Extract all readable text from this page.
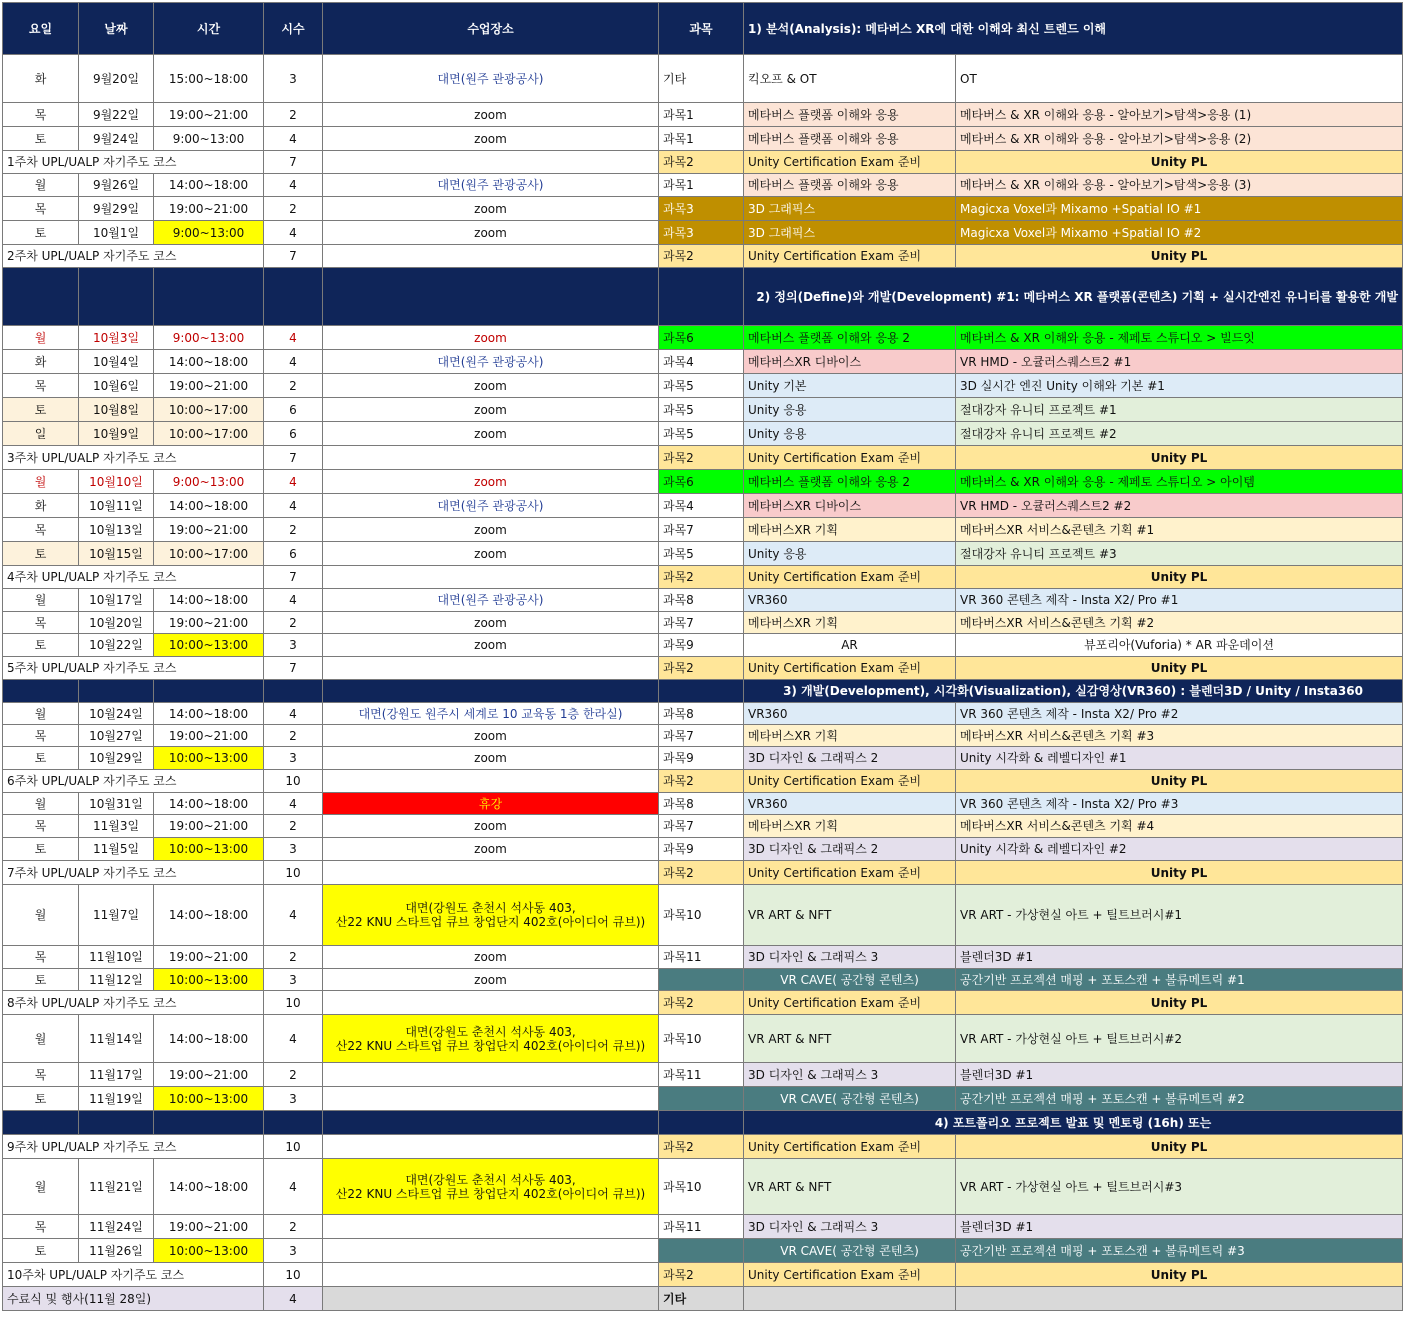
요일	날짜	시간	시수	수업장소	과목	1) 분석(Analysis): 메타버스 XR에 대한 이해와 최신 트렌드 이해	
화	9월20일	15:00~18:00	3	대면(원주 관광공사)	기타	킥오프 & OT	OT
목	9월22일	19:00~21:00	2	zoom	과목1	메타버스 플랫폼 이해와 응용	메타버스 & XR 이해와 응용 - 알아보기>탐색>응용 (1)
토	9월24일	9:00~13:00	4	zoom	과목1	메타버스 플랫폼 이해와 응용	메타버스 & XR 이해와 응용 - 알아보기>탐색>응용 (2)
1주차 UPL/UALP 자기주도 코스			7		과목2	Unity Certification Exam 준비	Unity PL
월	9월26일	14:00~18:00	4	대면(원주 관광공사)	과목1	메타버스 플랫폼 이해와 응용	메타버스 & XR 이해와 응용 - 알아보기>탐색>응용 (3)
목	9월29일	19:00~21:00	2	zoom	과목3	3D 그래픽스	Magicxa Voxel과 Mixamo +Spatial IO #1
토	10월1일	9:00~13:00	4	zoom	과목3	3D 그래픽스	Magicxa Voxel과 Mixamo +Spatial IO #2
2주차 UPL/UALP 자기주도 코스			7		과목2	Unity Certification Exam 준비	Unity PL
						2) 정의(Define)와 개발(Development) #1: 메타버스 XR 플랫폼(콘텐츠) 기획 + 실시간엔진 유니티를 활용한 개발	
월	10월3일	9:00~13:00	4	zoom	과목6	메타버스 플랫폼 이해와 응용 2	메타버스 & XR 이해와 응용 - 제페토 스튜디오 > 빌드잇
화	10월4일	14:00~18:00	4	대면(원주 관광공사)	과목4	메타버스XR 디바이스	VR HMD - 오큘러스퀘스트2 #1
목	10월6일	19:00~21:00	2	zoom	과목5	Unity 기본	3D 실시간 엔진 Unity 이해와 기본 #1
토	10월8일	10:00~17:00	6	zoom	과목5	Unity 응용	절대강자 유니티 프로젝트 #1
일	10월9일	10:00~17:00	6	zoom	과목5	Unity 응용	절대강자 유니티 프로젝트 #2
3주차 UPL/UALP 자기주도 코스			7		과목2	Unity Certification Exam 준비	Unity PL
월	10월10일	9:00~13:00	4	zoom	과목6	메타버스 플랫폼 이해와 응용 2	메타버스 & XR 이해와 응용 - 제페토 스튜디오 > 아이템
화	10월11일	14:00~18:00	4	대면(원주 관광공사)	과목4	메타버스XR 디바이스	VR HMD - 오큘러스퀘스트2 #2
목	10월13일	19:00~21:00	2	zoom	과목7	메타버스XR 기획	메타버스XR 서비스&콘텐츠 기획 #1
토	10월15일	10:00~17:00	6	zoom	과목5	Unity 응용	절대강자 유니티 프로젝트 #3
4주차 UPL/UALP 자기주도 코스			7		과목2	Unity Certification Exam 준비	Unity PL
월	10월17일	14:00~18:00	4	대면(원주 관광공사)	과목8	VR360	VR 360 콘텐츠 제작 - Insta X2/ Pro #1
목	10월20일	19:00~21:00	2	zoom	과목7	메타버스XR 기획	메타버스XR 서비스&콘텐츠 기획 #2
토	10월22일	10:00~13:00	3	zoom	과목9	AR	뷰포리아(Vuforia) * AR 파운데이션
5주차 UPL/UALP 자기주도 코스			7		과목2	Unity Certification Exam 준비	Unity PL
						3) 개발(Development), 시각화(Visualization), 실감영상(VR360) : 블렌더3D / Unity / Insta360	
월	10월24일	14:00~18:00	4	대면(강원도 원주시 세계로 10 교육동 1층 한라실)	과목8	VR360	VR 360 콘텐츠 제작 - Insta X2/ Pro #2
목	10월27일	19:00~21:00	2	zoom	과목7	메타버스XR 기획	메타버스XR 서비스&콘텐츠 기획 #3
토	10월29일	10:00~13:00	3	zoom	과목9	3D 디자인 & 그래픽스 2	Unity 시각화 & 레벨디자인 #1
6주차 UPL/UALP 자기주도 코스			10		과목2	Unity Certification Exam 준비	Unity PL
월	10월31일	14:00~18:00	4	휴강	과목8	VR360	VR 360 콘텐츠 제작 - Insta X2/ Pro #3
목	11월3일	19:00~21:00	2	zoom	과목7	메타버스XR 기획	메타버스XR 서비스&콘텐츠 기획 #4
토	11월5일	10:00~13:00	3	zoom	과목9	3D 디자인 & 그래픽스 2	Unity 시각화 & 레벨디자인 #2
7주차 UPL/UALP 자기주도 코스			10		과목2	Unity Certification Exam 준비	Unity PL
월	11월7일	14:00~18:00	4	대면(강원도 춘천시 석사동 403,
산22 KNU 스타트업 큐브 창업단지 402호(아이디어 큐브))	과목10	VR ART & NFT	VR ART - 가상현실 아트 + 틸트브러시#1
목	11월10일	19:00~21:00	2	zoom	과목11	3D 디자인 & 그래픽스 3	블렌더3D #1
토	11월12일	10:00~13:00	3	zoom		VR CAVE( 공간형 콘텐츠)	공간기반 프로젝션 매핑 + 포토스캔 + 볼류메트릭 #1
8주차 UPL/UALP 자기주도 코스			10		과목2	Unity Certification Exam 준비	Unity PL
월	11월14일	14:00~18:00	4	대면(강원도 춘천시 석사동 403,
산22 KNU 스타트업 큐브 창업단지 402호(아이디어 큐브))	과목10	VR ART & NFT	VR ART - 가상현실 아트 + 틸트브러시#2
목	11월17일	19:00~21:00	2		과목11	3D 디자인 & 그래픽스 3	블렌더3D #1
토	11월19일	10:00~13:00	3			VR CAVE( 공간형 콘텐츠)	공간기반 프로젝션 매핑 + 포토스캔 + 볼류메트릭 #2
						4) 포트폴리오 프로젝트 발표 및 멘토링 (16h) 또는	
9주차 UPL/UALP 자기주도 코스			10		과목2	Unity Certification Exam 준비	Unity PL
월	11월21일	14:00~18:00	4	대면(강원도 춘천시 석사동 403,
산22 KNU 스타트업 큐브 창업단지 402호(아이디어 큐브))	과목10	VR ART & NFT	VR ART - 가상현실 아트 + 틸트브러시#3
목	11월24일	19:00~21:00	2		과목11	3D 디자인 & 그래픽스 3	블렌더3D #1
토	11월26일	10:00~13:00	3			VR CAVE( 공간형 콘텐츠)	공간기반 프로젝션 매핑 + 포토스캔 + 볼류메트릭 #3
10주차 UPL/UALP 자기주도 코스			10		과목2	Unity Certification Exam 준비	Unity PL
수료식 및 행사(11월 28일)			4		기타		
